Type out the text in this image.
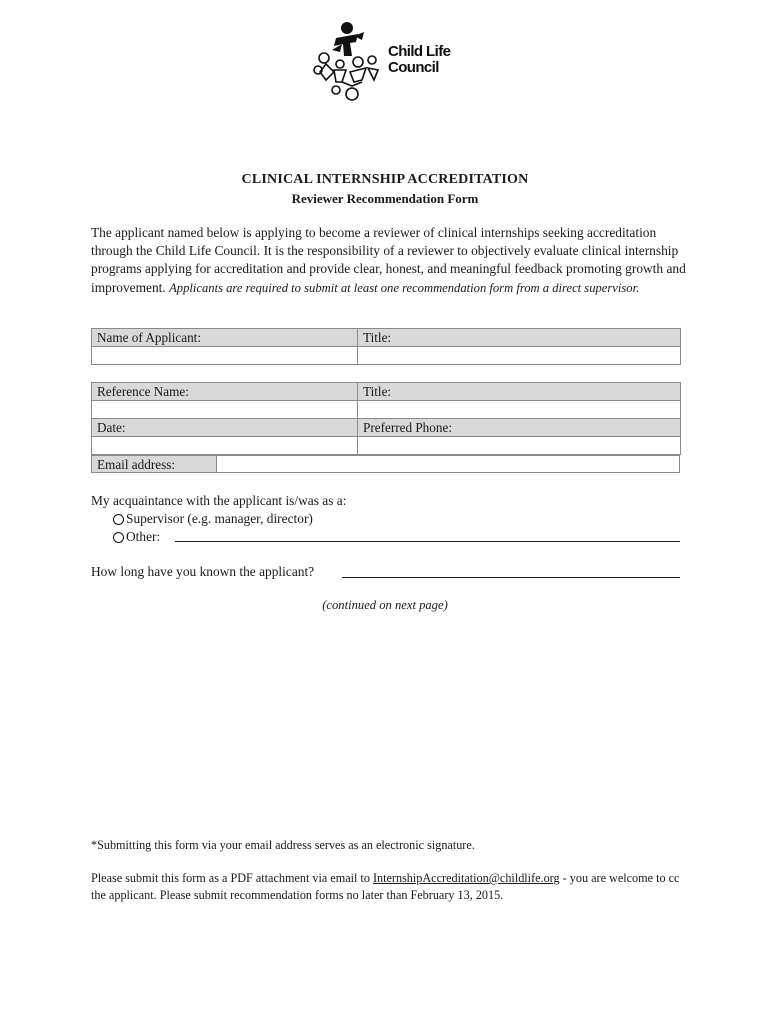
Child Life
Council
CLINICAL INTERNSHIP ACCREDITATION
Reviewer Recommendation Form
The applicant named below is applying to become a reviewer of clinical internships seeking accreditation through the Child Life Council. It is the responsibility of a reviewer to objectively evaluate clinical internship programs applying for accreditation and provide clear, honest, and meaningful feedback promoting growth and improvement. Applicants are required to submit at least one recommendation form from a direct supervisor.
Name of Applicant:	Title:

Reference Name:	Title:

Date:	Preferred Phone:

Email address:
My acquaintance with the applicant is/was as a:
Supervisor (e.g. manager, director)
Other:
How long have you known the applicant?
(continued on next page)
*Submitting this form via your email address serves as an electronic signature.
Please submit this form as a PDF attachment via email to InternshipAccreditation@childlife.org - you are welcome to cc the applicant. Please submit recommendation forms no later than February 13, 2015.
